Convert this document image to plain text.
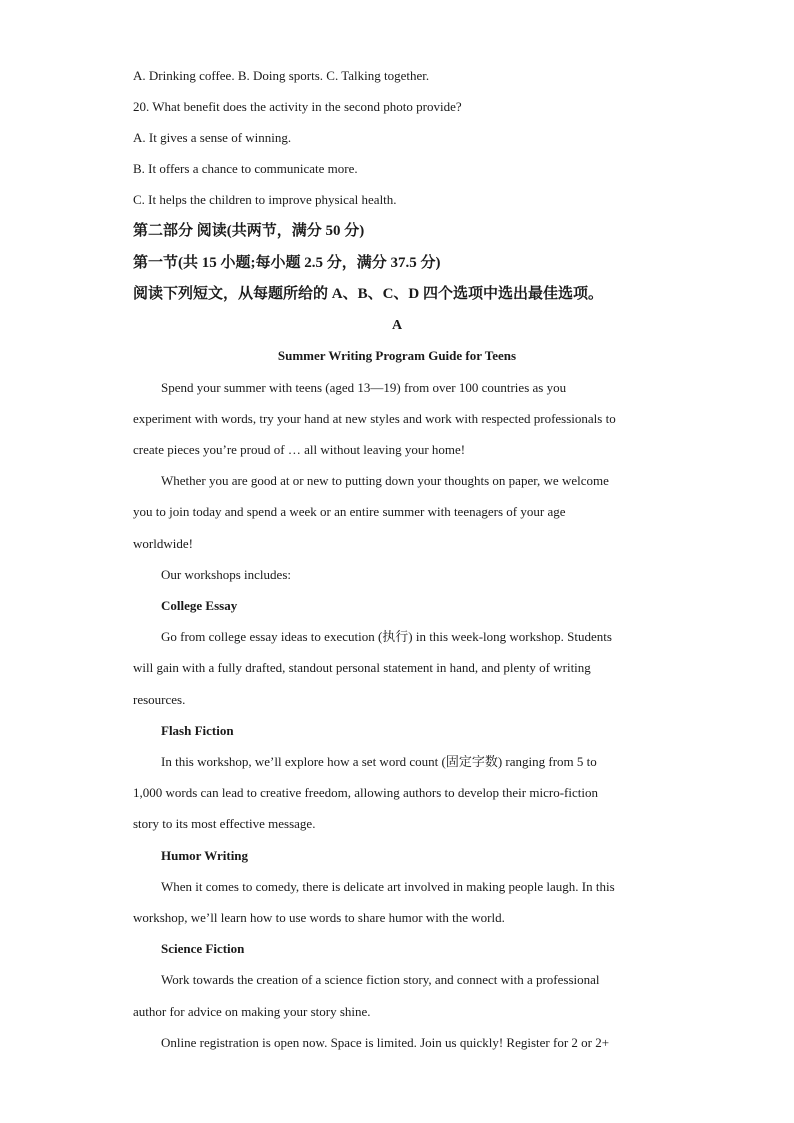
A. Drinking coffee. B. Doing sports. C. Talking together.
20. What benefit does the activity in the second photo provide?
A. It gives a sense of winning.
B. It offers a chance to communicate more.
C. It helps the children to improve physical health.
第二部分 阅读(共两节，满分 50 分)
第一节(共 15 小题;每小题 2.5 分，满分 37.5 分)
阅读下列短文，从每题所给的 A、B、C、D 四个选项中选出最佳选项。
A
Summer Writing Program Guide for Teens
Spend your summer with teens (aged 13—19) from over 100 countries as you
experiment with words, try your hand at new styles and work with respected professionals to
create pieces you’re proud of … all without leaving your home!
Whether you are good at or new to putting down your thoughts on paper, we welcome
you to join today and spend a week or an entire summer with teenagers of your age
worldwide!
Our workshops includes:
College Essay
Go from college essay ideas to execution (执行) in this week-long workshop. Students
will gain with a fully drafted, standout personal statement in hand, and plenty of writing
resources.
Flash Fiction
In this workshop, we’ll explore how a set word count (固定字数) ranging from 5 to
1,000 words can lead to creative freedom, allowing authors to develop their micro-fiction
story to its most effective message.
Humor Writing
When it comes to comedy, there is delicate art involved in making people laugh. In this
workshop, we’ll learn how to use words to share humor with the world.
Science Fiction
Work towards the creation of a science fiction story, and connect with a professional
author for advice on making your story shine.
Online registration is open now. Space is limited. Join us quickly! Register for 2 or 2+
